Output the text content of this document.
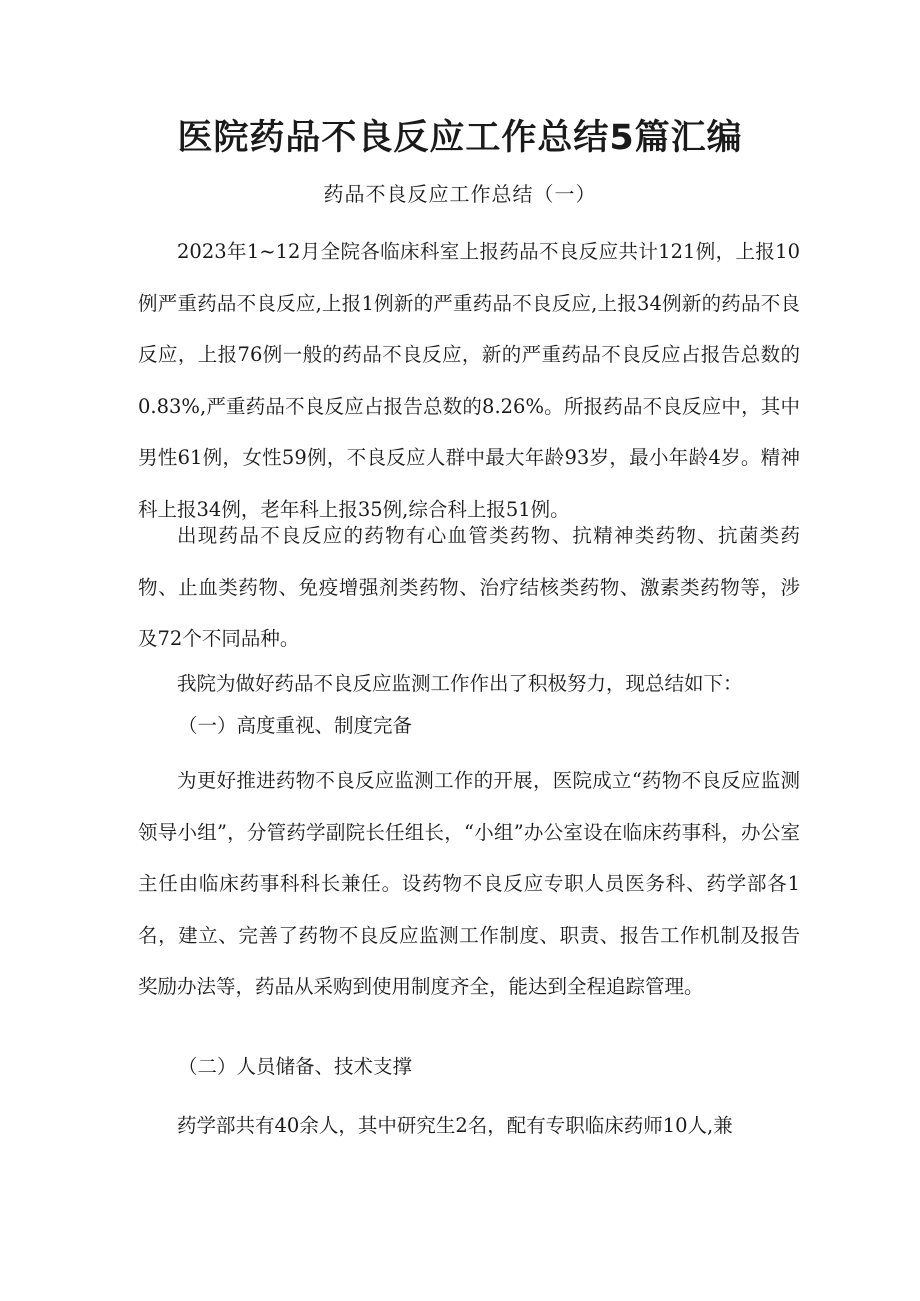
医院药品不良反应工作总结5篇汇编
药品不良反应工作总结（一）

2023年1~12月全院各临床科室上报药品不良反应共计121例，上报10例严重药品不良反应,上报1例新的严重药品不良反应,上报34例新的药品不良反应，上报76例一般的药品不良反应，新的严重药品不良反应占报告总数的0.83%,严重药品不良反应占报告总数的8.26%。所报药品不良反应中，其中男性61例，女性59例，不良反应人群中最大年龄93岁，最小年龄4岁。精神科上报34例，老年科上报35例,综合科上报51例。

出现药品不良反应的药物有心血管类药物、抗精神类药物、抗菌类药物、止血类药物、免疫增强剂类药物、治疗结核类药物、激素类药物等，涉及72个不同品种。

我院为做好药品不良反应监测工作作出了积极努力，现总结如下：

（一）高度重视、制度完备

为更好推进药物不良反应监测工作的开展，医院成立“药物不良反应监测领导小组”，分管药学副院长任组长，“小组”办公室设在临床药事科，办公室主任由临床药事科科长兼任。设药物不良反应专职人员医务科、药学部各1名，建立、完善了药物不良反应监测工作制度、职责、报告工作机制及报告奖励办法等，药品从采购到使用制度齐全，能达到全程追踪管理。

（二）人员储备、技术支撑

药学部共有40余人，其中研究生2名，配有专职临床药师10人,兼
